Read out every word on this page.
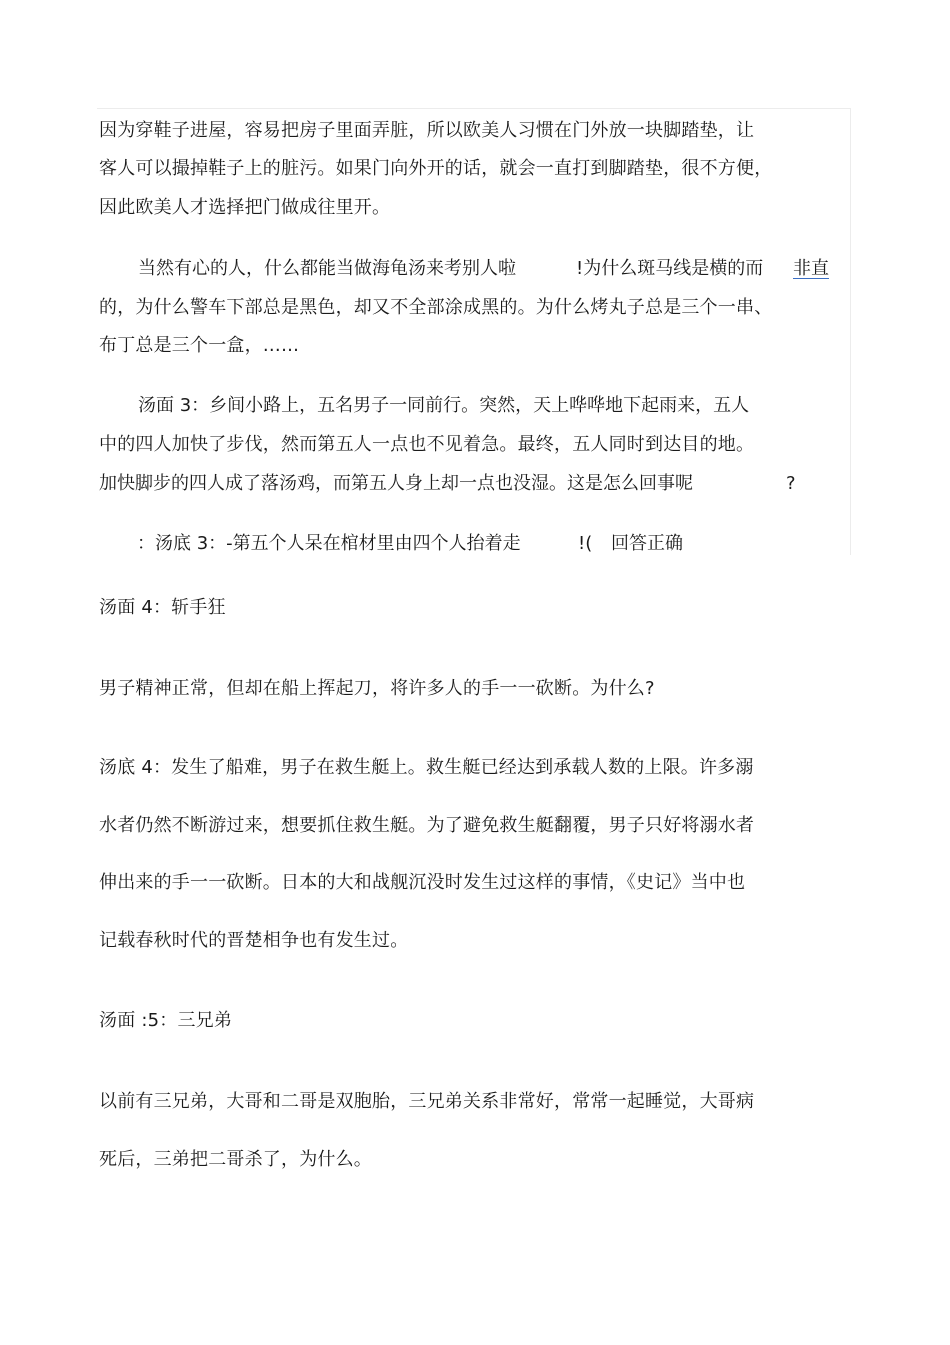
因为穿鞋子进屋，容易把房子里面弄脏，所以欧美人习惯在门外放一块脚踏垫，让

客人可以撮掉鞋子上的脏污。如果门向外开的话，就会一直打到脚踏垫，很不方便，

因此欧美人才选择把门做成往里开。

当然有心的人，什么都能当做海龟汤来考别人啦	!为什么斑马线是横的而 非直

的，为什么警车下部总是黑色，却又不全部涂成黑的。为什么烤丸子总是三个一串、

布丁总是三个一盒，……

汤面 3：乡间小路上，五名男子一同前行。突然，天上哗哗地下起雨来，五人

中的四人加快了步伐，然而第五人一点也不见着急。最终，五人同时到达目的地。

加快脚步的四人成了落汤鸡，而第五人身上却一点也没湿。这是怎么回事呢	?

：汤底 3：-第五个人呆在棺材里由四个人抬着走	!( 回答正确

汤面 4：斩手狂

男子精神正常，但却在船上挥起刀，将许多人的手一一砍断。为什么?

汤底 4：发生了船难，男子在救生艇上。救生艇已经达到承载人数的上限。许多溺

水者仍然不断游过来，想要抓住救生艇。为了避免救生艇翻覆，男子只好将溺水者

伸出来的手一一砍断。日本的大和战舰沉没时发生过这样的事情，《史记》当中也

记载春秋时代的晋楚相争也有发生过。

汤面 :5：三兄弟

以前有三兄弟，大哥和二哥是双胞胎，三兄弟关系非常好，常常一起睡觉，大哥病

死后，三弟把二哥杀了，为什么。
